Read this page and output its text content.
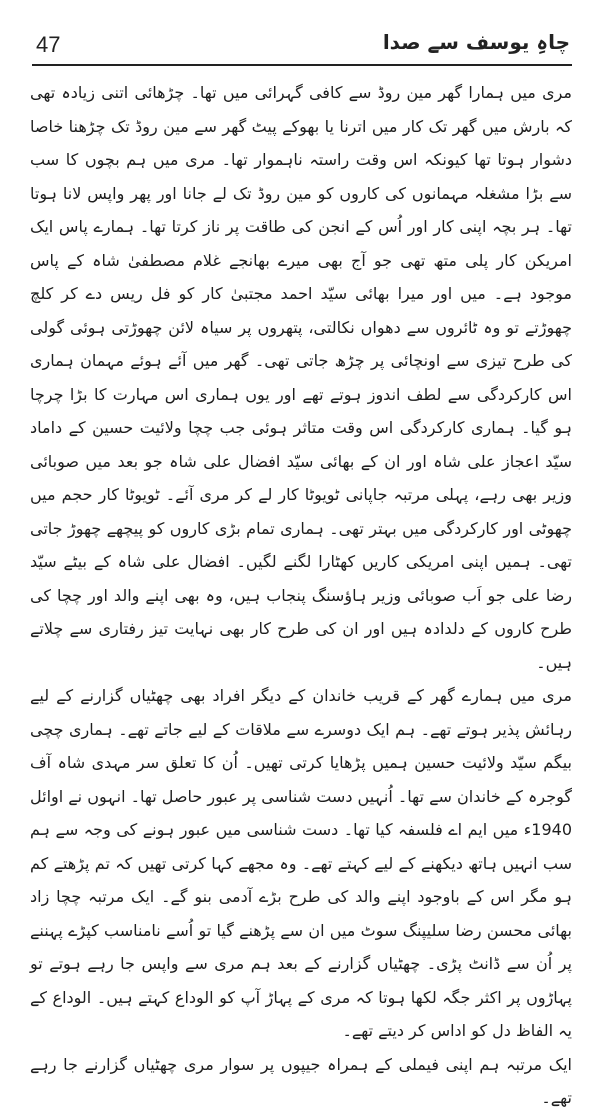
47	چاہِ یوسف سے صدا

مری میں ہمارا گھر مین روڈ سے کافی گہرائی میں تھا۔ چڑھائی اتنی زیادہ تھی کہ بارش میں گھر تک کار میں اترنا یا بھوکے پیٹ گھر سے مین روڈ تک چڑھنا خاصا دشوار ہوتا تھا کیونکہ اس وقت راستہ ناہموار تھا۔ مری میں ہم بچوں کا سب سے بڑا مشغلہ مہمانوں کی کاروں کو مین روڈ تک لے جانا اور پھر واپس لانا ہوتا تھا۔ ہر بچہ اپنی کار اور اُس کے انجن کی طاقت پر ناز کرتا تھا۔ ہمارے پاس ایک امریکن کار پلی متھ تھی جو آج بھی میرے بھانجے غلام مصطفیٰ شاہ کے پاس موجود ہے۔ میں اور میرا بھائی سیّد احمد مجتبیٰ کار کو فل ریس دے کر کلچ چھوڑتے تو وہ ٹائروں سے دھواں نکالتی، پتھروں پر سیاہ لائن چھوڑتی ہوئی گولی کی طرح تیزی سے اونچائی پر چڑھ جاتی تھی۔ گھر میں آئے ہوئے مہمان ہماری اس کارکردگی سے لطف اندوز ہوتے تھے اور یوں ہماری اس مہارت کا بڑا چرچا ہو گیا۔ ہماری کارکردگی اس وقت متاثر ہوئی جب چچا ولائیت حسین کے داماد سیّد اعجاز علی شاہ اور ان کے بھائی سیّد افضال علی شاہ جو بعد میں صوبائی وزیر بھی رہے، پہلی مرتبہ جاپانی ٹویوٹا کار لے کر مری آئے۔ ٹویوٹا کار حجم میں چھوٹی اور کارکردگی میں بہتر تھی۔ ہماری تمام بڑی کاروں کو پیچھے چھوڑ جاتی تھی۔ ہمیں اپنی امریکی کاریں کھٹارا لگنے لگیں۔ افضال علی شاہ کے بیٹے سیّد رضا علی جو اَب صوبائی وزیر ہاؤسنگ پنجاب ہیں، وہ بھی اپنے والد اور چچا کی طرح کاروں کے دلدادہ ہیں اور ان کی طرح کار بھی نہایت تیز رفتاری سے چلاتے ہیں۔

مری میں ہمارے گھر کے قریب خاندان کے دیگر افراد بھی چھٹیاں گزارنے کے لیے رہائش پذیر ہوتے تھے۔ ہم ایک دوسرے سے ملاقات کے لیے جاتے تھے۔ ہماری چچی بیگم سیّد ولائیت حسین ہمیں پڑھایا کرتی تھیں۔ اُن کا تعلق سر مہدی شاہ آف گوجرہ کے خاندان سے تھا۔ اُنہیں دست شناسی پر عبور حاصل تھا۔ انہوں نے اوائل 1940ء میں ایم اے فلسفہ کیا تھا۔ دست شناسی میں عبور ہونے کی وجہ سے ہم سب انہیں ہاتھ دیکھنے کے لیے کہتے تھے۔ وہ مجھے کہا کرتی تھیں کہ تم پڑھتے کم ہو مگر اس کے باوجود اپنے والد کی طرح بڑے آدمی بنو گے۔ ایک مرتبہ چچا زاد بھائی محسن رضا سلیپنگ سوٹ میں ان سے پڑھنے گیا تو اُسے نامناسب کپڑے پہننے پر اُن سے ڈانٹ پڑی۔ چھٹیاں گزارنے کے بعد ہم مری سے واپس جا رہے ہوتے تو پہاڑوں پر اکثر جگہ لکھا ہوتا کہ مری کے پہاڑ آپ کو الوداع کہتے ہیں۔ الوداع کے یہ الفاظ دل کو اداس کر دیتے تھے۔

ایک مرتبہ ہم اپنی فیملی کے ہمراہ جیپوں پر سوار مری چھٹیاں گزارنے جا رہے تھے۔
